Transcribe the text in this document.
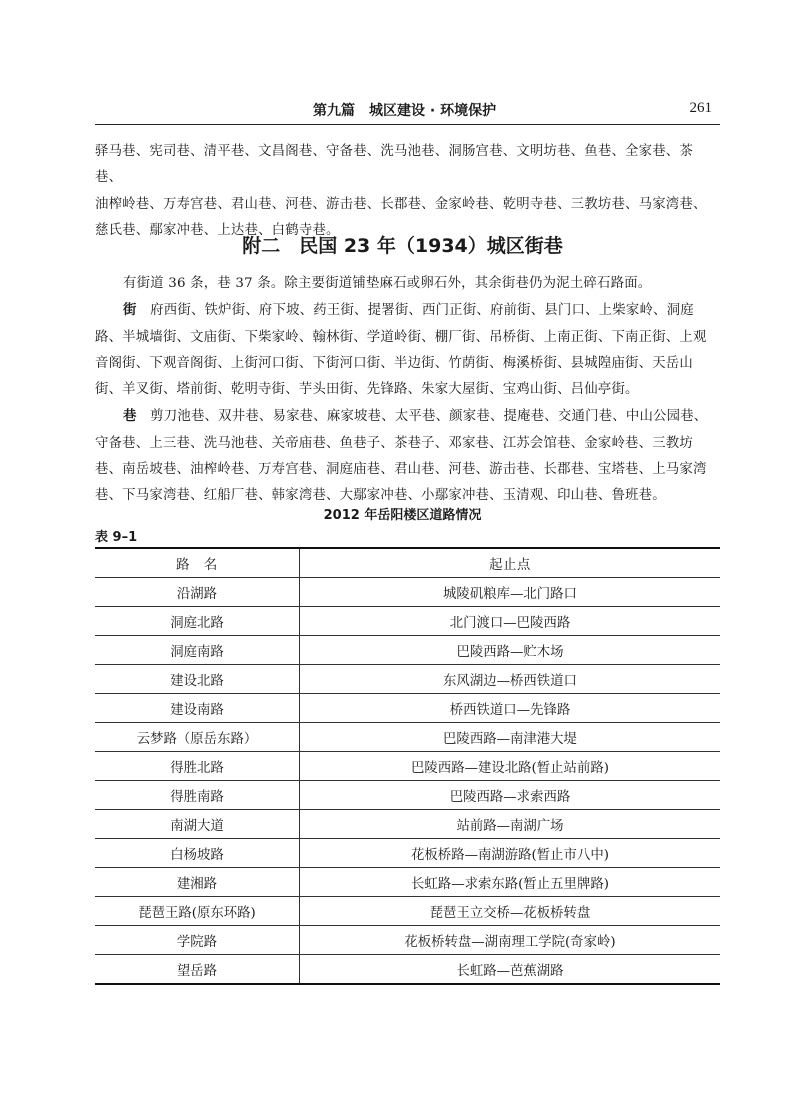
第九篇　城区建设 · 环境保护	261

驿马巷、宪司巷、清平巷、文昌阁巷、守备巷、洗马池巷、洞肠宫巷、文明坊巷、鱼巷、全家巷、茶巷、

油榨岭巷、万寿宫巷、君山巷、河巷、游击巷、长郡巷、金家岭巷、乾明寺巷、三教坊巷、马家湾巷、

慈氏巷、鄢家冲巷、上达巷、白鹤寺巷。

附二　民国 23 年（1934）城区街巷

有街道 36 条，巷 37 条。除主要街道铺垫麻石或卵石外，其余街巷仍为泥土碎石路面。

街　府西街、铁炉街、府下坡、药王街、提署街、西门正街、府前街、县门口、上柴家岭、洞庭路、半城墙街、文庙街、下柴家岭、翰林街、学道岭街、棚厂街、吊桥街、上南正街、下南正街、上观音阁街、下观音阁街、上街河口街、下街河口街、半边街、竹荫街、梅溪桥街、县城隍庙街、天岳山街、羊叉街、塔前街、乾明寺街、芋头田街、先锋路、朱家大屋街、宝鸡山街、吕仙亭街。

巷　剪刀池巷、双井巷、易家巷、麻家坡巷、太平巷、颜家巷、提庵巷、交通门巷、中山公园巷、守备巷、上三巷、洗马池巷、关帝庙巷、鱼巷子、茶巷子、邓家巷、江苏会馆巷、金家岭巷、三教坊巷、南岳坡巷、油榨岭巷、万寿宫巷、洞庭庙巷、君山巷、河巷、游击巷、长郡巷、宝塔巷、上马家湾巷、下马家湾巷、红船厂巷、韩家湾巷、大鄢家冲巷、小鄢家冲巷、玉清观、印山巷、鲁班巷。

2012 年岳阳楼区道路情况
表 9–1
路　名	起止点
沿湖路	城陵矶粮库—北门路口
洞庭北路	北门渡口—巴陵西路
洞庭南路	巴陵西路—贮木场
建设北路	东风湖边—桥西铁道口
建设南路	桥西铁道口—先锋路
云梦路（原岳东路）	巴陵西路—南津港大堤
得胜北路	巴陵西路—建设北路(暂止站前路)
得胜南路	巴陵西路—求索西路
南湖大道	站前路—南湖广场
白杨坡路	花板桥路—南湖游路(暂止市八中)
建湘路	长虹路—求索东路(暂止五里牌路)
琵琶王路(原东环路)	琵琶王立交桥—花板桥转盘
学院路	花板桥转盘—湖南理工学院(奇家岭)
望岳路	长虹路—芭蕉湖路
